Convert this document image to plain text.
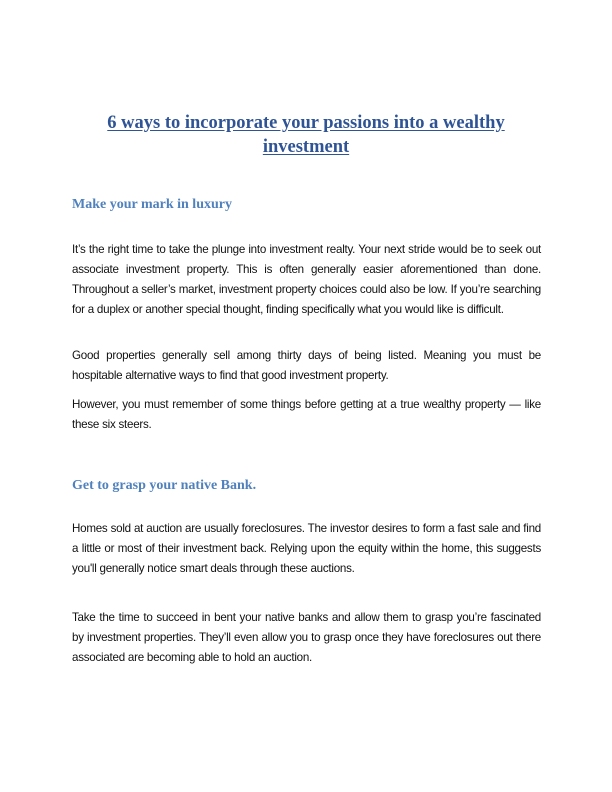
6 ways to incorporate your passions into a wealthy investment
Make your mark in luxury

It’s the right time to take the plunge into investment realty. Your next stride would be to seek out associate investment property. This is often generally easier aforementioned than done. Throughout a seller’s market, investment property choices could also be low. If you’re searching for a duplex or another special thought, finding specifically what you would like is difficult.

Good properties generally sell among thirty days of being listed. Meaning you must be hospitable alternative ways to find that good investment property.

However, you must remember of some things before getting at a true wealthy property — like these six steers.

Get to grasp your native Bank.

Homes sold at auction are usually foreclosures. The investor desires to form a fast sale and find a little or most of their investment back. Relying upon the equity within the home, this suggests you'll generally notice smart deals through these auctions.

Take the time to succeed in bent your native banks and allow them to grasp you’re fascinated by investment properties. They’ll even allow you to grasp once they have foreclosures out there associated are becoming able to hold an auction.
